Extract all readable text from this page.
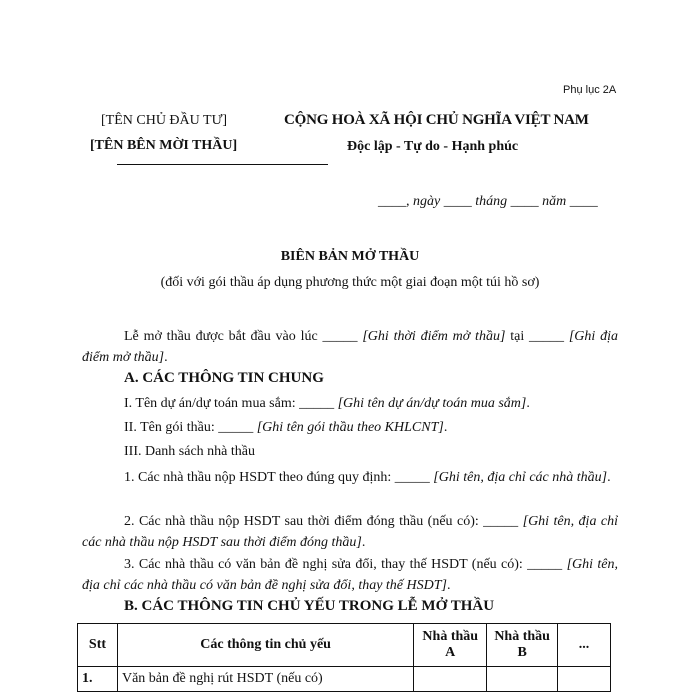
Phụ lục 2A
[TÊN CHỦ ĐẦU TƯ]
[TÊN BÊN MỜI THẦU]
CỘNG HOÀ XÃ HỘI CHỦ NGHĨA VIỆT NAM
Độc lập - Tự do - Hạnh phúc
____, ngày ____ tháng ____ năm ____
BIÊN BẢN MỞ THẦU
(đối với gói thầu áp dụng phương thức một giai đoạn một túi hồ sơ)
Lễ mở thầu được bắt đầu vào lúc _____ [Ghi thời điểm mở thầu] tại _____ [Ghi địa điểm mở thầu].
A. CÁC THÔNG TIN CHUNG
I. Tên dự án/dự toán mua sắm: _____ [Ghi tên dự án/dự toán mua sắm].
II. Tên gói thầu: _____ [Ghi tên gói thầu theo KHLCNT].
III. Danh sách nhà thầu
1. Các nhà thầu nộp HSDT theo đúng quy định: _____ [Ghi tên, địa chỉ các nhà thầu].
2. Các nhà thầu nộp HSDT sau thời điểm đóng thầu (nếu có): _____ [Ghi tên, địa chỉ các nhà thầu nộp HSDT sau thời điểm đóng thầu].
3. Các nhà thầu có văn bản đề nghị sửa đổi, thay thế HSDT (nếu có): _____ [Ghi tên, địa chỉ các nhà thầu có văn bản đề nghị sửa đổi, thay thế HSDT].
B. CÁC THÔNG TIN CHỦ YẾU TRONG LỄ MỞ THẦU
Stt	Các thông tin chủ yếu	Nhà thầu A	Nhà thầu B	...
1.	Văn bản đề nghị rút HSDT (nếu có)			
